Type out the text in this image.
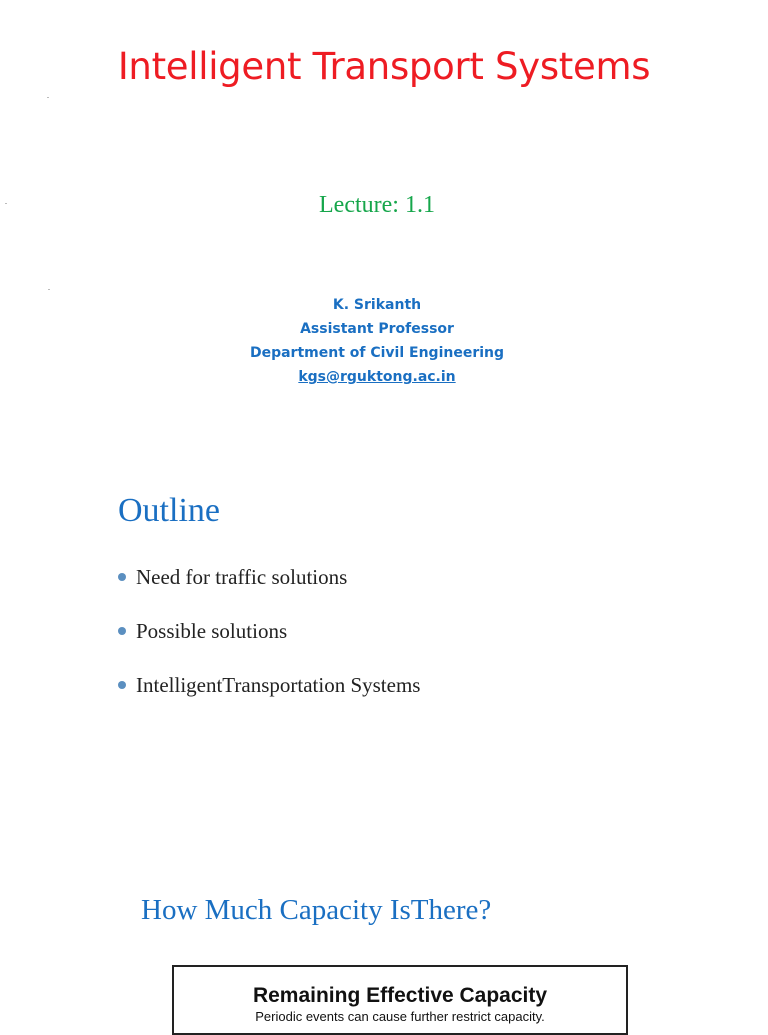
Intelligent Transport Systems
Lecture: 1.1
K. Srikanth
Assistant Professor
Department of Civil Engineering
kgs@rguktong.ac.in
Outline
Need for traffic solutions
Possible solutions
IntelligentTransportation Systems
How Much Capacity IsThere?
Remaining Effective Capacity
Periodic events can cause further restrict capacity.
